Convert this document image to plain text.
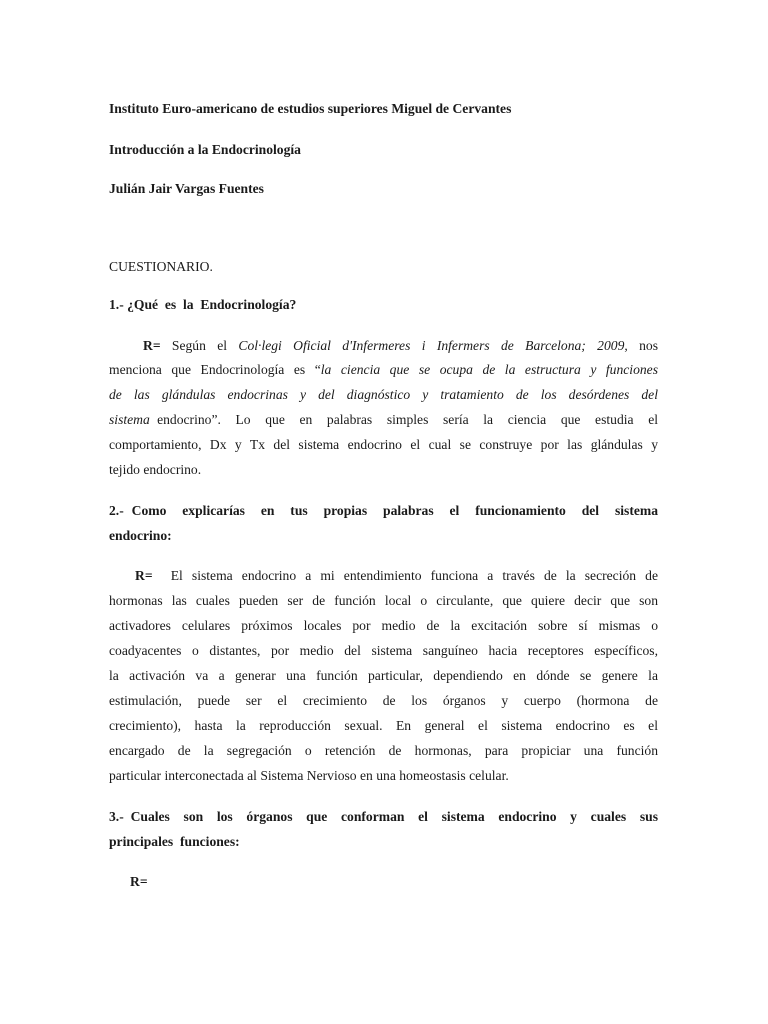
Instituto Euro-americano de estudios superiores Miguel de Cervantes

Introducción a la Endocrinología

Julián Jair Vargas Fuentes

CUESTIONARIO.

1.- ¿Qué  es  la  Endocrinología?

R= Según el Col·legi Oficial d'Infermeres i Infermers de Barcelona; 2009, nos

menciona que Endocrinología es “la ciencia que se ocupa de la estructura y funciones

de las glándulas endocrinas y del diagnóstico y tratamiento de los desórdenes del

sistema endocrino”.  Lo  que  en  palabras  simples  sería  la  ciencia  que  estudia  el

comportamiento, Dx y Tx del sistema endocrino el cual se construye por las glándulas y

tejido endocrino.

2.- Como  explicarías  en  tus  propias  palabras  el  funcionamiento  del  sistema

endocrino:

R=  El sistema endocrino a mi entendimiento funciona a través de la secreción de

hormonas las cuales pueden ser de función local o circulante, que quiere decir que son

activadores celulares próximos locales por medio de la excitación sobre sí mismas o

coadyacentes o distantes, por medio del sistema sanguíneo hacia receptores específicos,

la activación va a generar una función particular, dependiendo en dónde se genere la

estimulación,  puede  ser  el  crecimiento  de  los  órganos  y  cuerpo  (hormona  de

crecimiento),  hasta  la  reproducción  sexual.  En  general  el  sistema  endocrino  es  el

encargado  de  la  segregación  o  retención  de  hormonas,  para  propiciar  una  función

particular interconectada al Sistema Nervioso en una homeostasis celular.

3.- Cuales  son  los  órganos  que  conforman  el  sistema  endocrino  y  cuales  sus

principales  funciones:

R=
